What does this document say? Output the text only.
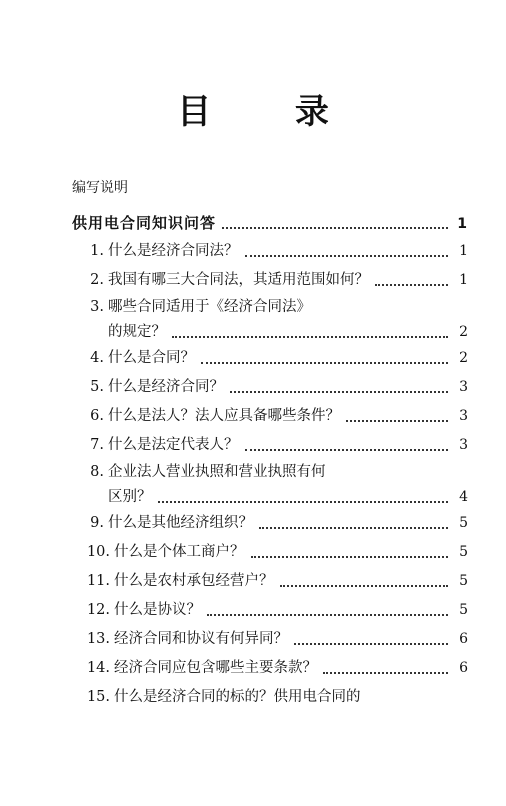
目 录
编写说明
供用电合同知识问答	1
1. 什么是经济合同法？	1
2. 我国有哪三大合同法，其适用范围如何？	1
3. 哪些合同适用于《经济合同法》
的规定？	2
4. 什么是合同？	2
5. 什么是经济合同？	3
6. 什么是法人？法人应具备哪些条件？	3
7. 什么是法定代表人？	3
8. 企业法人营业执照和营业执照有何
区别？	4
9. 什么是其他经济组织？	5
10. 什么是个体工商户？	5
11. 什么是农村承包经营户？	5
12. 什么是协议？	5
13. 经济合同和协议有何异同？	6
14. 经济合同应包含哪些主要条款？	6
15. 什么是经济合同的标的？供用电合同的
